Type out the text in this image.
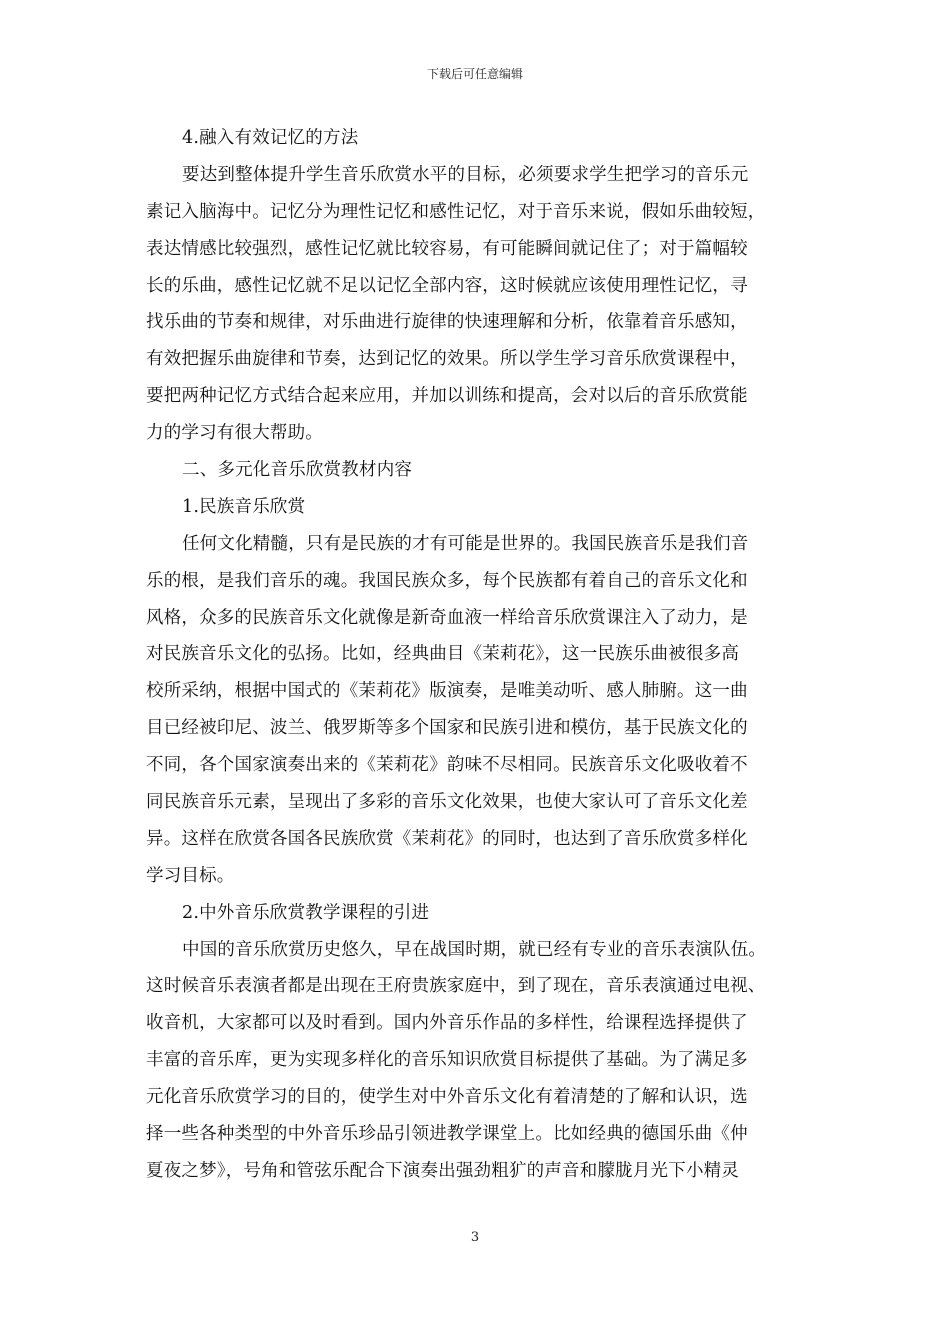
下载后可任意编辑
4.融入有效记忆的方法
要达到整体提升学生音乐欣赏水平的目标，必须要求学生把学习的音乐元
素记入脑海中。记忆分为理性记忆和感性记忆，对于音乐来说，假如乐曲较短，
表达情感比较强烈，感性记忆就比较容易，有可能瞬间就记住了；对于篇幅较
长的乐曲，感性记忆就不足以记忆全部内容，这时候就应该使用理性记忆，寻
找乐曲的节奏和规律，对乐曲进行旋律的快速理解和分析，依靠着音乐感知，
有效把握乐曲旋律和节奏，达到记忆的效果。所以学生学习音乐欣赏课程中，
要把两种记忆方式结合起来应用，并加以训练和提高，会对以后的音乐欣赏能
力的学习有很大帮助。
二、多元化音乐欣赏教材内容
1.民族音乐欣赏
任何文化精髓，只有是民族的才有可能是世界的。我国民族音乐是我们音
乐的根，是我们音乐的魂。我国民族众多，每个民族都有着自己的音乐文化和
风格，众多的民族音乐文化就像是新奇血液一样给音乐欣赏课注入了动力，是
对民族音乐文化的弘扬。比如，经典曲目《茉莉花》，这一民族乐曲被很多高
校所采纳，根据中国式的《茉莉花》版演奏，是唯美动听、感人肺腑。这一曲
目已经被印尼、波兰、俄罗斯等多个国家和民族引进和模仿，基于民族文化的
不同，各个国家演奏出来的《茉莉花》韵味不尽相同。民族音乐文化吸收着不
同民族音乐元素，呈现出了多彩的音乐文化效果，也使大家认可了音乐文化差
异。这样在欣赏各国各民族欣赏《茉莉花》的同时，也达到了音乐欣赏多样化
学习目标。
2.中外音乐欣赏教学课程的引进
中国的音乐欣赏历史悠久，早在战国时期，就已经有专业的音乐表演队伍。
这时候音乐表演者都是出现在王府贵族家庭中，到了现在，音乐表演通过电视、
收音机，大家都可以及时看到。国内外音乐作品的多样性，给课程选择提供了
丰富的音乐库，更为实现多样化的音乐知识欣赏目标提供了基础。为了满足多
元化音乐欣赏学习的目的，使学生对中外音乐文化有着清楚的了解和认识，选
择一些各种类型的中外音乐珍品引领进教学课堂上。比如经典的德国乐曲《仲
夏夜之梦》，号角和管弦乐配合下演奏出强劲粗犷的声音和朦胧月光下小精灵
3
